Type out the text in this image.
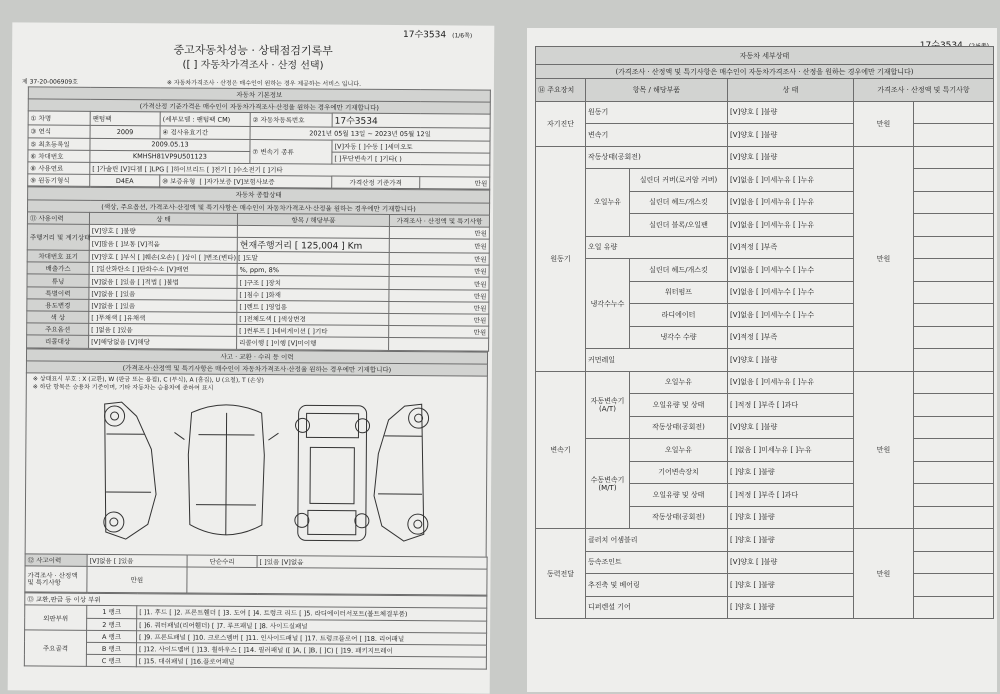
17수3534 (1/6쪽)
중고자동차성능 · 상태점검기록부
([ ] 자동차가격조사 · 산정 선택)
제 37-20-006909호	※ 자동차가격조사 · 산정은 매수인이 원하는 경우 제공하는 서비스 입니다.
자동차 기본정보					
(가격산정 기준가격은 매수인이 자동차가격조사·산정을 원하는 경우에만 기재합니다)					
① 차명	팬텀팩	(세부모델 : 팬텀팩 CM)	② 자동차등록번호	17수3534	
③ 연식	2009	④ 검사유효기간	2021년 05월 13일 ~ 2023년 05월 12일		
⑤ 최초등록일	2009.05.13		⑦ 변속기 종류	[V]자동 [ ]수동 [ ]세미오토	
⑥ 차대번호	KMHSH81VP9U501123			[ ]무단변속기 [ ]기타( )	
⑧ 사용연료	[ ]가솔린 [V]디젤 [ ]LPG [ ]하이브리드 [ ]전기 [ ]수소전기 [ ]기타				
⑨ 원동기형식	D4EA	⑩ 보증유형 [ ]자가보증 [V]보험사보증		가격산정 기준가격	만원
자동차 종합상태			
(색상, 주요옵션, 가격조사·산정액 및 특기사항은 매수인이 자동차가격조사·산정을 원하는 경우에만 기재합니다)			
⑪ 사용이력	상 태	항목 / 해당부품	가격조사 · 산정액 및 특기사항
주행거리 및 계기상태	[V]양호 [ ]불량		만원
	[V]많음 [ ]보통 [V]적음	현재주행거리 [ 125,004 ] Km	만원
차대번호 표기	[V]양호 [ ]부식 [ ]훼손(오손) [ ]상이 [ ]변조(변타) [ ]도말		만원
배출가스	[ ]일산화탄소 [ ]탄화수소 [V]매연	%, ppm, 8%	만원
튜닝	[V]없음 [ ]있음 [ ]적법 [ ]불법	[ ]구조 [ ]장치	만원
특별이력	[V]없음 [ ]있음	[ ]침수 [ ]화재	만원
용도변경	[V]없음 [ ]있음	[ ]렌트 [ ]영업용	만원
색 상	[ ]무채색 [ ]유채색	[ ]전체도색 [ ]색상변경	만원
주요옵션	[ ]없음 [ ]있음	[ ]썬루프 [ ]네비게이션 [ ]기타	만원
리콜대상	[V]해당없음 [V]해당	리콜이행 [ ]이행 [V]미이행	
사고 · 교환 · 수리 등 이력
(가격조사·산정액 및 특기사항은 매수인이 자동차가격조사·산정을 원하는 경우에만 기재합니다)
※ 상태표시 부호 : X (교환), W (판금 또는 용접), C (부식), A (흠집), U (요철), T (손상)
※ 하단 항목은 승용차 기준이며, 기타 자동차는 승용차에 준하여 표시
⑫ 사고이력	[V]없음 [ ]있음	단순수리	[ ]있음 [V]없음
가격조사 · 산정액 및 특기사항	만원		
⑬ 교환,판금 등 이상 부위		
외판부위	1 랭크	[ ]1. 후드 [ ]2. 프론트휀더 [ ]3. 도어 [ ]4. 트렁크 리드 [ ]5. 라디에이터서포트(볼트체결부품)
	2 랭크	[ ]6. 쿼터패널(리어휀더) [ ]7. 루프패널 [ ]8. 사이드실패널
주요골격	A 랭크	[ ]9. 프론트패널 [ ]10. 크로스멤버 [ ]11. 인사이드패널 [ ]17. 트렁크플로어 [ ]18. 리어패널
	B 랭크	[ ]12. 사이드멤버 [ ]13. 휠하우스 [ ]14. 필러패널 ([ ]A, [ ]B, [ ]C) [ ]19. 패키지트레이
	C 랭크	[ ]15. 대쉬패널 [ ]16.플로어패널
17수3534 (2/6쪽)
자동차 세부상태					
(가격조사 · 산정액 및 특기사항은 매수인이 자동차가격조사 · 산정을 원하는 경우에만 기재합니다)					
⑭ 주요장치	항목 / 해당부품		상 태	가격조사 · 산정액 및 특기사항	
자기진단	원동기		[V]양호 [ ]불량	만원	
	변속기		[V]양호 [ ]불량		
원동기	작동상태(공회전)		[V]양호 [ ]불량	만원	
	오일누유	실린더 커버(로커암 커버)	[V]없음 [ ]미세누유 [ ]누유		
		실린더 헤드/개스킷	[V]없음 [ ]미세누유 [ ]누유		
		실린더 블록/오일팬	[V]없음 [ ]미세누유 [ ]누유		
	오일 유량		[V]적정 [ ]부족		
	냉각수누수	실린더 헤드/개스킷	[V]없음 [ ]미세누수 [ ]누수		
		워터펌프	[V]없음 [ ]미세누수 [ ]누수		
		라디에이터	[V]없음 [ ]미세누수 [ ]누수		
		냉각수 수량	[V]적정 [ ]부족		
	커먼레일		[V]양호 [ ]불량		
변속기	자동변속기 (A/T)	오일누유	[V]없음 [ ]미세누유 [ ]누유	만원	
		오일유량 및 상태	[ ]적정 [ ]부족 [ ]과다		
		작동상태(공회전)	[V]양호 [ ]불량		
	수동변속기 (M/T)	오일누유	[ ]없음 [ ]미세누유 [ ]누유		
		기어변속장치	[ ]양호 [ ]불량		
		오일유량 및 상태	[ ]적정 [ ]부족 [ ]과다		
		작동상태(공회전)	[ ]양호 [ ]불량		
동력전달	클러치 어셈블리		[ ]양호 [ ]불량	만원	
	등속조인트		[V]양호 [ ]불량		
	추진축 및 베어링		[ ]양호 [ ]불량		
	디퍼렌셜 기어		[ ]양호 [ ]불량		
